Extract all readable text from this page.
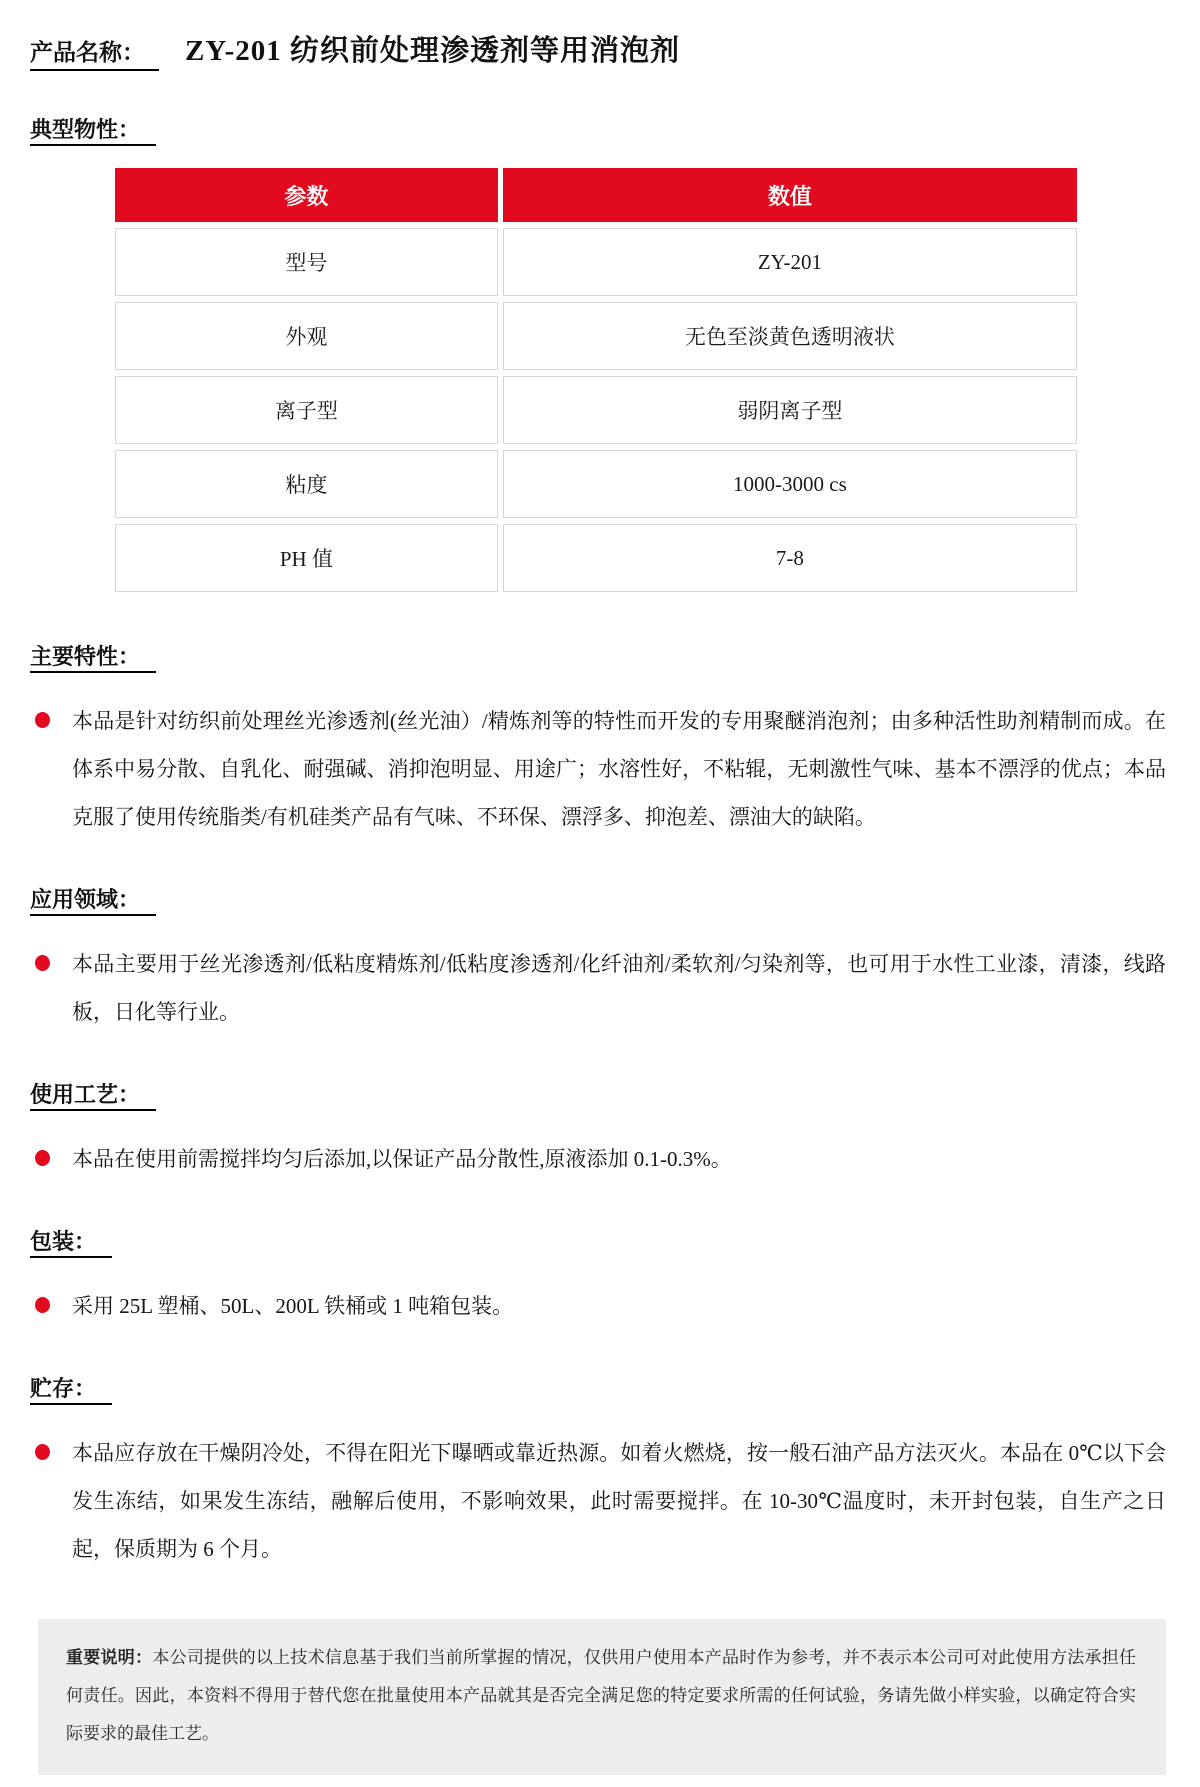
产品名称：	ZY-201 纺织前处理渗透剂等用消泡剂
典型物性：
参数	数值
型号	ZY-201
外观	无色至淡黄色透明液状
离子型	弱阴离子型
粘度	1000-3000 cs
PH 值	7-8
主要特性：

本品是针对纺织前处理丝光渗透剂(丝光油）/精炼剂等的特性而开发的专用聚醚消泡剂；由多种活性助剂精制而成。在体系中易分散、自乳化、耐强碱、消抑泡明显、用途广；水溶性好，不粘辊，无刺激性气味、基本不漂浮的优点；本品克服了使用传统脂类/有机硅类产品有气味、不环保、漂浮多、抑泡差、漂油大的缺陷。

应用领域：

本品主要用于丝光渗透剂/低粘度精炼剂/低粘度渗透剂/化纤油剂/柔软剂/匀染剂等，也可用于水性工业漆，清漆，线路板，日化等行业。

使用工艺：

本品在使用前需搅拌均匀后添加,以保证产品分散性,原液添加 0.1-0.3%。

包装：

采用 25L 塑桶、50L、200L 铁桶或 1 吨箱包装。

贮存：

本品应存放在干燥阴冷处，不得在阳光下曝晒或靠近热源。如着火燃烧，按一般石油产品方法灭火。本品在 0℃以下会发生冻结，如果发生冻结，融解后使用，不影响效果，此时需要搅拌。在 10-30℃温度时，未开封包装，自生产之日起，保质期为 6 个月。

重要说明：本公司提供的以上技术信息基于我们当前所掌握的情况，仅供用户使用本产品时作为参考，并不表示本公司可对此使用方法承担任何责任。因此，本资料不得用于替代您在批量使用本产品就其是否完全满足您的特定要求所需的任何试验，务请先做小样实验，以确定符合实际要求的最佳工艺。
